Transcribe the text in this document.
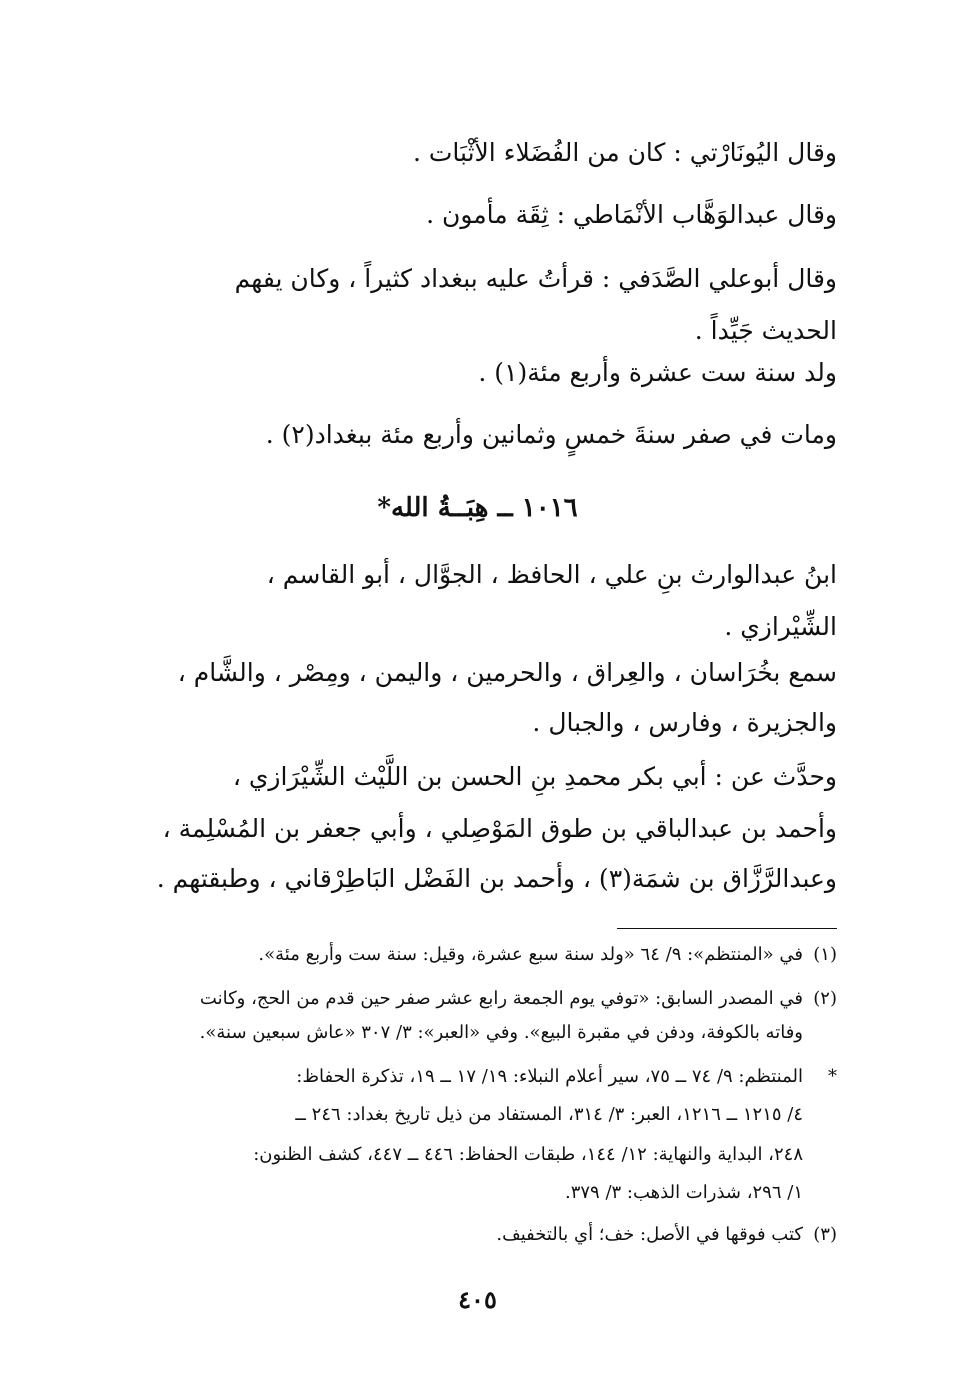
وقال اليُونَارْتي : كان من الفُضَلاء الأثْبَات .
وقال عبدالوَهَّاب الأنْمَاطي : ثِقَة مأمون .
وقال أبوعلي الصَّدَفي : قرأتُ عليه ببغداد كثيراً ، وكان يفهم
الحديث جَيِّداً .
ولد سنة ست عشرة وأربع مئة(١) .
ومات في صفر سنةَ خمسٍ وثمانين وأربع مئة ببغداد(٢) .
١٠١٦ ــ هِبَــةُ الله*
ابنُ عبدالوارث بنِ علي ، الحافظ ، الجوَّال ، أبو القاسم ،
الشِّيْرازي .
سمع بخُرَاسان ، والعِراق ، والحرمين ، واليمن ، ومِصْر ، والشَّام ،
والجزيرة ، وفارس ، والجبال .
وحدَّث عن : أبي بكر محمدِ بنِ الحسن بن اللَّيْث الشِّيْرَازي ،
وأحمد بن عبدالباقي بن طوق المَوْصِلي ، وأبي جعفر بن المُسْلِمة ،
وعبدالرَّزَّاق بن شمَة(٣) ، وأحمد بن الفَضْل البَاطِرْقاني ، وطبقتهم .
(١)في «المنتظم»: ٩/ ٦٤ «ولد سنة سبع عشرة، وقيل: سنة ست وأربع مئة».
(٢)في المصدر السابق: «توفي يوم الجمعة رابع عشر صفر حين قدم من الحج، وكانت
وفاته بالكوفة، ودفن في مقبرة البيع». وفي «العبر»: ٣/ ٣٠٧ «عاش سبعين سنة».
*المنتظم: ٩/ ٧٤ ــ ٧٥، سير أعلام النبلاء: ١٩/ ١٧ ــ ١٩، تذكرة الحفاظ:
٤/ ١٢١٥ ــ ١٢١٦، العبر: ٣/ ٣١٤، المستفاد من ذيل تاريخ بغداد: ٢٤٦ ــ
٢٤٨، البداية والنهاية: ١٢/ ١٤٤، طبقات الحفاظ: ٤٤٦ ــ ٤٤٧، كشف الظنون:
١/ ٢٩٦، شذرات الذهب: ٣/ ٣٧٩.
(٣)كتب فوقها في الأصل: خف؛ أي بالتخفيف.
٤٠٥
